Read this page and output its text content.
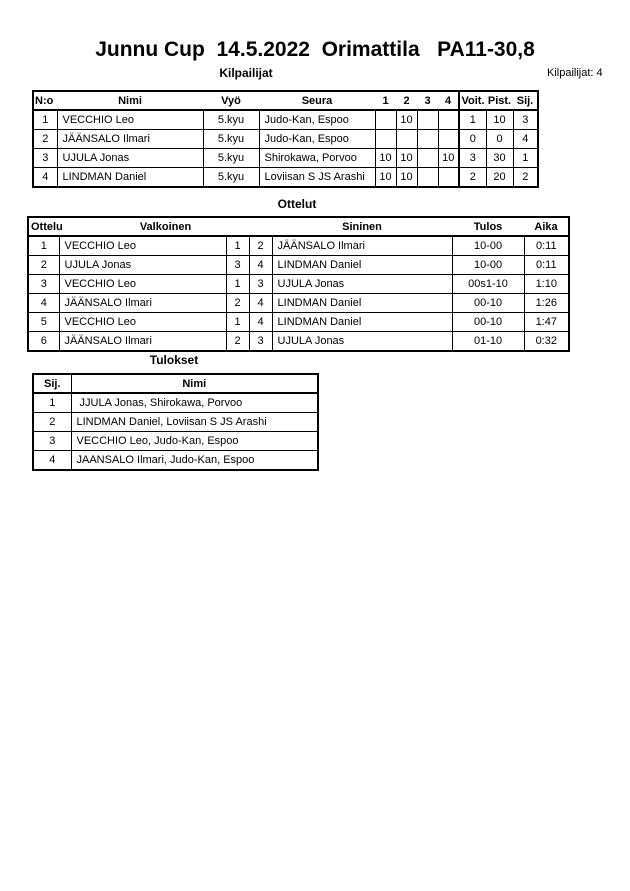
Junnu Cup  14.5.2022  Orimattila   PA11-30,8
Kilpailijat	Kilpailijat: 4
N:o	Nimi	Vyö	Seura	1	2	3	4	Voit.	Pist.	Sij.
1	VECCHIO Leo	5.kyu	Judo-Kan, Espoo		10			1	10	3
2	JÄÄNSALO Ilmari	5.kyu	Judo-Kan, Espoo					0	0	4
3	UJULA Jonas	5.kyu	Shirokawa, Porvoo	10	10		10	3	30	1
4	LINDMAN Daniel	5.kyu	Loviisan S JS Arashi	10	10			2	20	2
Ottelut
Ottelu	Valkoinen			Sininen	Tulos	Aika
1	VECCHIO Leo	1	2	JÄÄNSALO Ilmari	10-00	0:11
2	UJULA Jonas	3	4	LINDMAN Daniel	10-00	0:11
3	VECCHIO Leo	1	3	UJULA Jonas	00s1-10	1:10
4	JÄÄNSALO Ilmari	2	4	LINDMAN Daniel	00-10	1:26
5	VECCHIO Leo	1	4	LINDMAN Daniel	00-10	1:47
6	JÄÄNSALO Ilmari	2	3	UJULA Jonas	01-10	0:32
Tulokset
Sij.	Nimi
1	JJULA Jonas, Shirokawa, Porvoo
2	LINDMAN Daniel, Loviisan S JS Arashi
3	VECCHIO Leo, Judo-Kan, Espoo
4	JAANSALO Ilmari, Judo-Kan, Espoo
